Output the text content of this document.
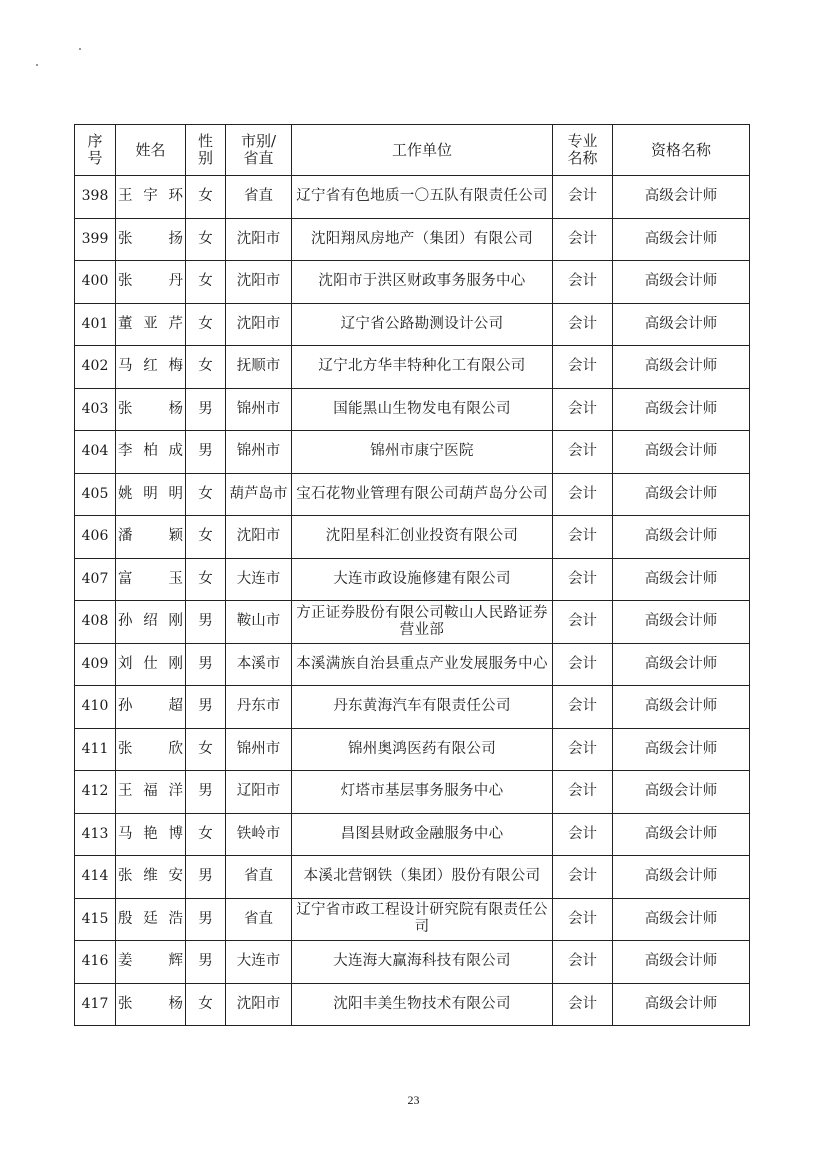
序号	姓名	性别	市别/省直	工作单位	专业名称	资格名称
398	王 宇 环	女	省直	辽宁省有色地质一〇五队有限责任公司	会计	高级会计师
399	张 扬	女	沈阳市	沈阳翔凤房地产（集团）有限公司	会计	高级会计师
400	张 丹	女	沈阳市	沈阳市于洪区财政事务服务中心	会计	高级会计师
401	董 亚 芹	女	沈阳市	辽宁省公路勘测设计公司	会计	高级会计师
402	马 红 梅	女	抚顺市	辽宁北方华丰特种化工有限公司	会计	高级会计师
403	张 杨	男	锦州市	国能黑山生物发电有限公司	会计	高级会计师
404	李 柏 成	男	锦州市	锦州市康宁医院	会计	高级会计师
405	姚 明 明	女	葫芦岛市	宝石花物业管理有限公司葫芦岛分公司	会计	高级会计师
406	潘 颖	女	沈阳市	沈阳星科汇创业投资有限公司	会计	高级会计师
407	富 玉	女	大连市	大连市政设施修建有限公司	会计	高级会计师
408	孙 绍 刚	男	鞍山市	方正证券股份有限公司鞍山人民路证券营业部	会计	高级会计师
409	刘 仕 刚	男	本溪市	本溪满族自治县重点产业发展服务中心	会计	高级会计师
410	孙 超	男	丹东市	丹东黄海汽车有限责任公司	会计	高级会计师
411	张 欣	女	锦州市	锦州奥鸿医药有限公司	会计	高级会计师
412	王 福 洋	男	辽阳市	灯塔市基层事务服务中心	会计	高级会计师
413	马 艳 博	女	铁岭市	昌图县财政金融服务中心	会计	高级会计师
414	张 维 安	男	省直	本溪北营钢铁（集团）股份有限公司	会计	高级会计师
415	殷 廷 浩	男	省直	辽宁省市政工程设计研究院有限责任公司	会计	高级会计师
416	姜 辉	男	大连市	大连海大赢海科技有限公司	会计	高级会计师
417	张 杨	女	沈阳市	沈阳丰美生物技术有限公司	会计	高级会计师
23
